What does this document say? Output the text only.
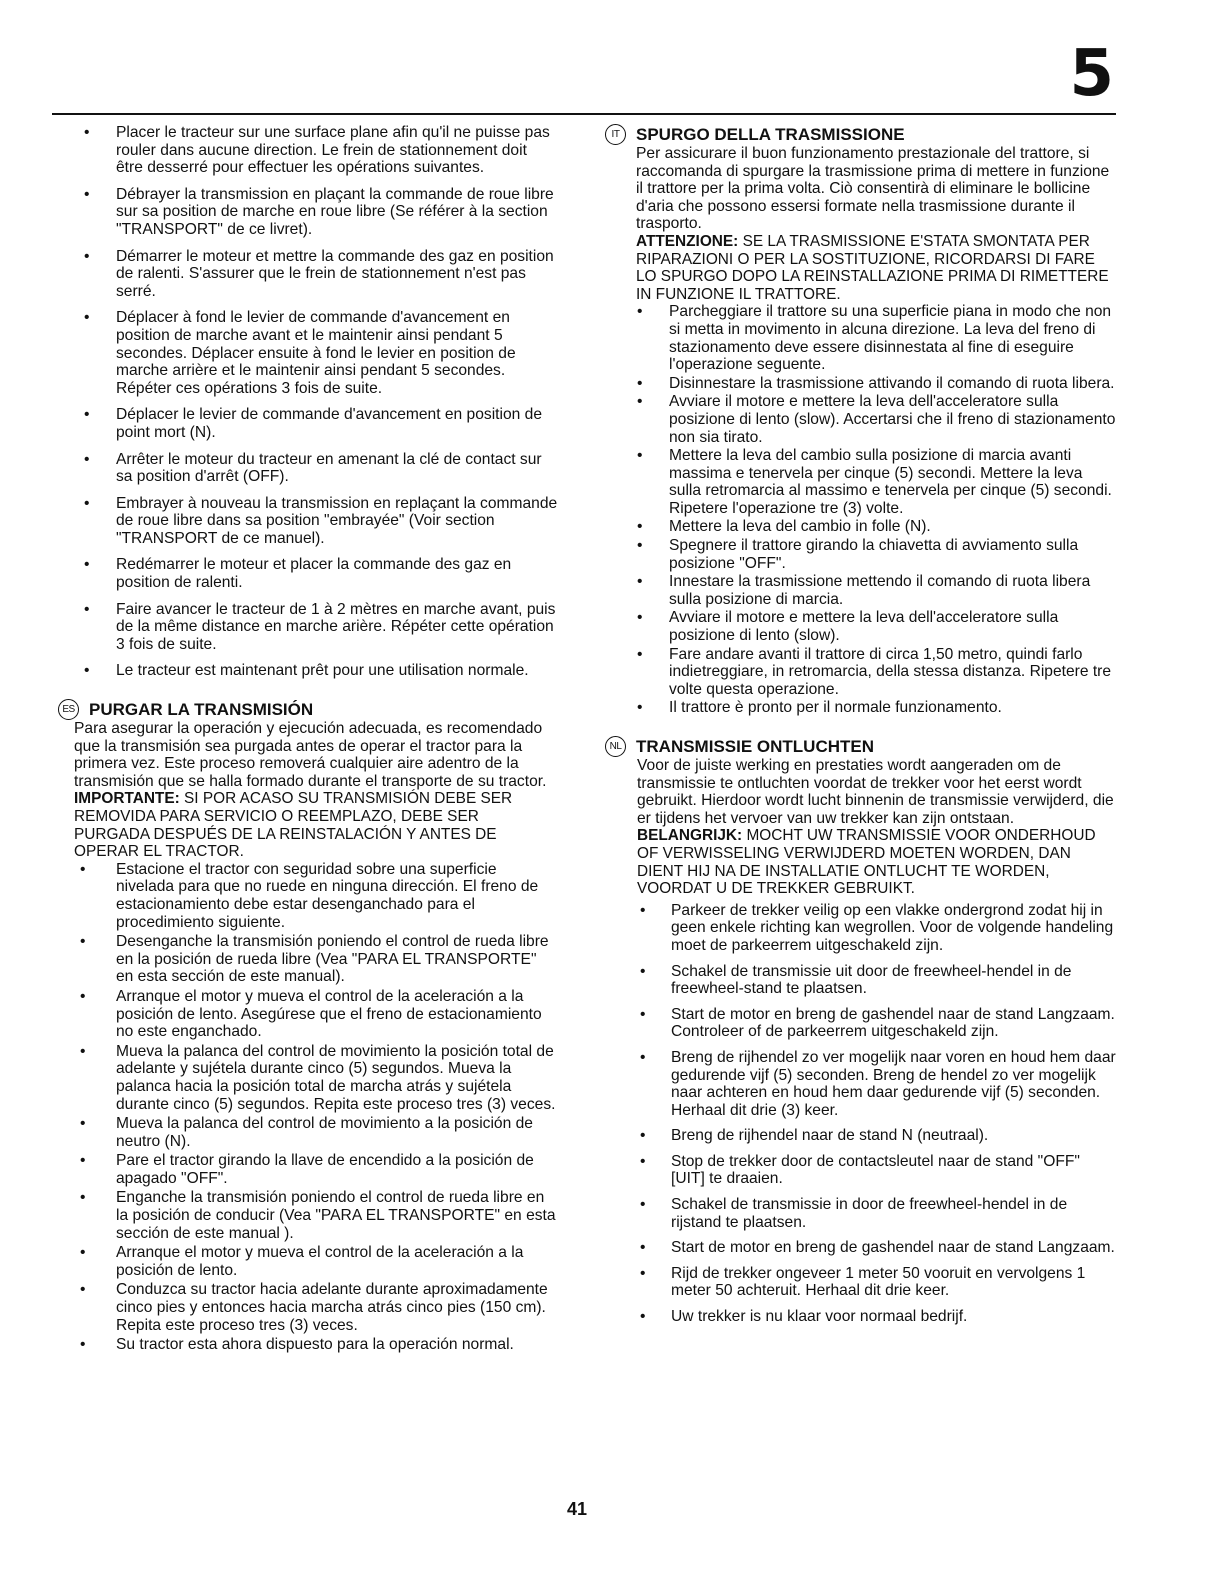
5
• Placer le tracteur sur une surface plane afin qu'il ne puisse pas rouler dans aucune direction. Le frein de stationnement doit être desserré pour effectuer les opérations suivantes.
• Débrayer la transmission en plaçant la commande de roue libre sur sa position de marche en roue libre (Se référer à la section "TRANSPORT" de ce livret).
• Démarrer le moteur et mettre la commande des gaz en position de ralenti. S'assurer que le frein de stationnement n'est pas serré.
• Déplacer à fond le levier de commande d'avancement en position de marche avant et le maintenir ainsi pendant 5 secondes. Déplacer ensuite à fond le levier en position de marche arrière et le maintenir ainsi pendant 5 secondes. Répéter ces opérations 3 fois de suite.
• Déplacer le levier de commande d'avancement en position de point mort (N).
• Arrêter le moteur du tracteur en amenant la clé de contact sur sa position d'arrêt (OFF).
• Embrayer à nouveau la transmission en replaçant la commande de roue libre dans sa position "embrayée" (Voir section "TRANSPORT de ce manuel).
• Redémarrer le moteur et placer la commande des gaz en position de ralenti.
• Faire avancer le tracteur de 1 à 2 mètres en marche avant, puis de la même distance en marche arière. Répéter cette opération 3 fois de suite.
• Le tracteur est maintenant prêt pour une utilisation normale.
ES PURGAR LA TRANSMISIÓN

Para asegurar la operación y ejecución adecuada, es recomendado que la transmisión sea purgada antes de operar el tractor para la primera vez. Este proceso removerá cualquier aire adentro de la transmisión que se halla formado durante el transporte de su tractor.

IMPORTANTE: SI POR ACASO SU TRANSMISIÓN DEBE SER REMOVIDA PARA SERVICIO O REEMPLAZO, DEBE SER PURGADA DESPUÉS DE LA REINSTALACIÓN Y ANTES DE OPERAR EL TRACTOR.

• Estacione el tractor con seguridad sobre una superficie nivelada para que no ruede en ninguna dirección. El freno de estacionamiento debe estar desenganchado para el procedimiento siguiente.
• Desenganche la transmisión poniendo el control de rueda libre en la posición de rueda libre (Vea "PARA EL TRANSPORTE" en esta sección de este manual).
• Arranque el motor y mueva el control de la aceleración a la posición de lento. Asegúrese que el freno de estacionamiento no este enganchado.
• Mueva la palanca del control de movimiento la posición total de adelante y sujétela durante cinco (5) segundos. Mueva la palanca hacia la posición total de marcha atrás y sujétela durante cinco (5) segundos. Repita este proceso tres (3) veces.
• Mueva la palanca del control de movimiento a la posición de neutro (N).
• Pare el tractor girando la llave de encendido a la posición de apagado "OFF".
• Enganche la transmisión poniendo el control de rueda libre en la posición de conducir (Vea "PARA EL TRANSPORTE" en esta sección de este manual ).
• Arranque el motor y mueva el control de la aceleración a la posición de lento.
• Conduzca su tractor hacia adelante durante aproximadamente cinco pies y entonces hacia marcha atrás cinco pies (150 cm). Repita este proceso tres (3) veces.
• Su tractor esta ahora dispuesto para la operación normal.
IT SPURGO DELLA TRASMISSIONE

Per assicurare il buon funzionamento prestazionale del trattore, si raccomanda di spurgare la trasmissione prima di mettere in funzione il trattore per la prima volta. Ciò consentirà di eliminare le bollicine d'aria che possono essersi formate nella trasmissione durante il trasporto.

ATTENZIONE: SE LA TRASMISSIONE E'STATA SMONTATA PER RIPARAZIONI O PER LA SOSTITUZIONE, RICORDARSI DI FARE LO SPURGO DOPO LA REINSTALLAZIONE PRIMA DI RIMETTERE IN FUNZIONE IL TRATTORE.

• Parcheggiare il trattore su una superficie piana in modo che non si metta in movimento in alcuna direzione. La leva del freno di stazionamento deve essere disinnestata al fine di eseguire l'operazione seguente.
• Disinnestare la trasmissione attivando il comando di ruota libera.
• Avviare il motore e mettere la leva dell'acceleratore sulla posizione di lento (slow). Accertarsi che il freno di stazionamento non sia tirato.
• Mettere la leva del cambio sulla posizione di marcia avanti massima e tenervela per cinque (5) secondi. Mettere la leva sulla retromarcia al massimo e tenervela per cinque (5) secondi. Ripetere l'operazione tre (3) volte.
• Mettere la leva del cambio in folle (N).
• Spegnere il trattore girando la chiavetta di avviamento sulla posizione "OFF".
• Innestare la trasmissione mettendo il comando di ruota libera sulla posizione di marcia.
• Avviare il motore e mettere la leva dell'acceleratore sulla posizione di lento (slow).
• Fare andare avanti il trattore di circa 1,50 metro, quindi farlo indietreggiare, in retromarcia, della stessa distanza. Ripetere tre volte questa operazione.
• Il trattore è pronto per il normale funzionamento.
NL TRANSMISSIE ONTLUCHTEN

Voor de juiste werking en prestaties wordt aangeraden om de transmissie te ontluchten voordat de trekker voor het eerst wordt gebruikt. Hierdoor wordt lucht binnenin de transmissie verwijderd, die er tijdens het vervoer van uw trekker kan zijn ontstaan.

BELANGRIJK: MOCHT UW TRANSMISSIE VOOR ONDERHOUD OF VERWISSELING VERWIJDERD MOETEN WORDEN, DAN DIENT HIJ NA DE INSTALLATIE ONTLUCHT TE WORDEN, VOORDAT U DE TREKKER GEBRUIKT.

• Parkeer de trekker veilig op een vlakke ondergrond zodat hij in geen enkele richting kan wegrollen. Voor de volgende handeling moet de parkeerrem uitgeschakeld zijn.
• Schakel de transmissie uit door de freewheel-hendel in de freewheel-stand te plaatsen.
• Start de motor en breng de gashendel naar de stand Langzaam. Controleer of de parkeerrem uitgeschakeld zijn.
• Breng de rijhendel zo ver mogelijk naar voren en houd hem daar gedurende vijf (5) seconden. Breng de hendel zo ver mogelijk naar achteren en houd hem daar gedurende vijf (5) seconden. Herhaal dit drie (3) keer.
• Breng de rijhendel naar de stand N (neutraal).
• Stop de trekker door de contactsleutel naar de stand "OFF" [UIT] te draaien.
• Schakel de transmissie in door de freewheel-hendel in de rijstand te plaatsen.
• Start de motor en breng de gashendel naar de stand Langzaam.
• Rijd de trekker ongeveer 1 meter 50 vooruit en vervolgens 1 meter 50 achteruit. Herhaal dit drie keer.
• Uw trekker is nu klaar voor normaal bedrijf.
41
